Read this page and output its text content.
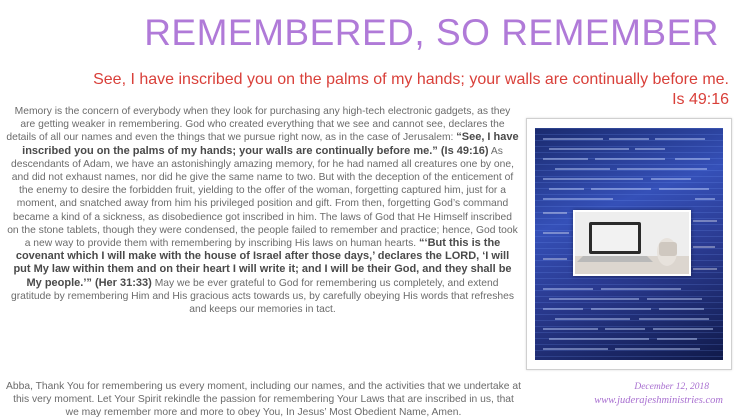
REMEMBERED, SO REMEMBER
See, I have inscribed you on the palms of my hands; your walls are continually before me.
Is 49:16
Memory is the concern of everybody when they look for purchasing any high-tech electronic gadgets, as they are getting weaker in remembering. God who created everything that we see and cannot see, declares the details of all our names and even the things that we pursue right now, as in the case of Jerusalem: “See, I have inscribed you on the palms of my hands; your walls are continually before me.” (Is 49:16) As descendants of Adam, we have an astonishingly amazing memory, for he had named all creatures one by one, and did not exhaust names, nor did he give the same name to two. But with the deception of the enticement of the enemy to desire the forbidden fruit, yielding to the offer of the woman, forgetting captured him, just for a moment, and snatched away from him his privileged position and gift. From then, forgetting God’s command became a kind of a sickness, as disobedience got inscribed in him. The laws of God that He Himself inscribed on the stone tablets, though they were condensed, the people failed to remember and practice; hence, God took a new way to provide them with remembering by inscribing His laws on human hearts. “‘But this is the covenant which I will make with the house of Israel after those days,’ declares the LORD, ‘I will put My law within them and on their heart I will write it; and I will be their God, and they shall be My people.’” (Her 31:33) May we be ever grateful to God for remembering us completely, and extend gratitude by remembering Him and His gracious acts towards us, by carefully obeying His words that refreshes and keeps our memories in tact.
Abba, Thank You for remembering us every moment, including our names, and the activities that we undertake at this very moment. Let Your Spirit rekindle the passion for remembering Your Laws that are inscribed in us, that we may remember more and more to obey You, In Jesus’ Most Obedient Name, Amen.
December 12, 2018
www.juderajeshministries.com
